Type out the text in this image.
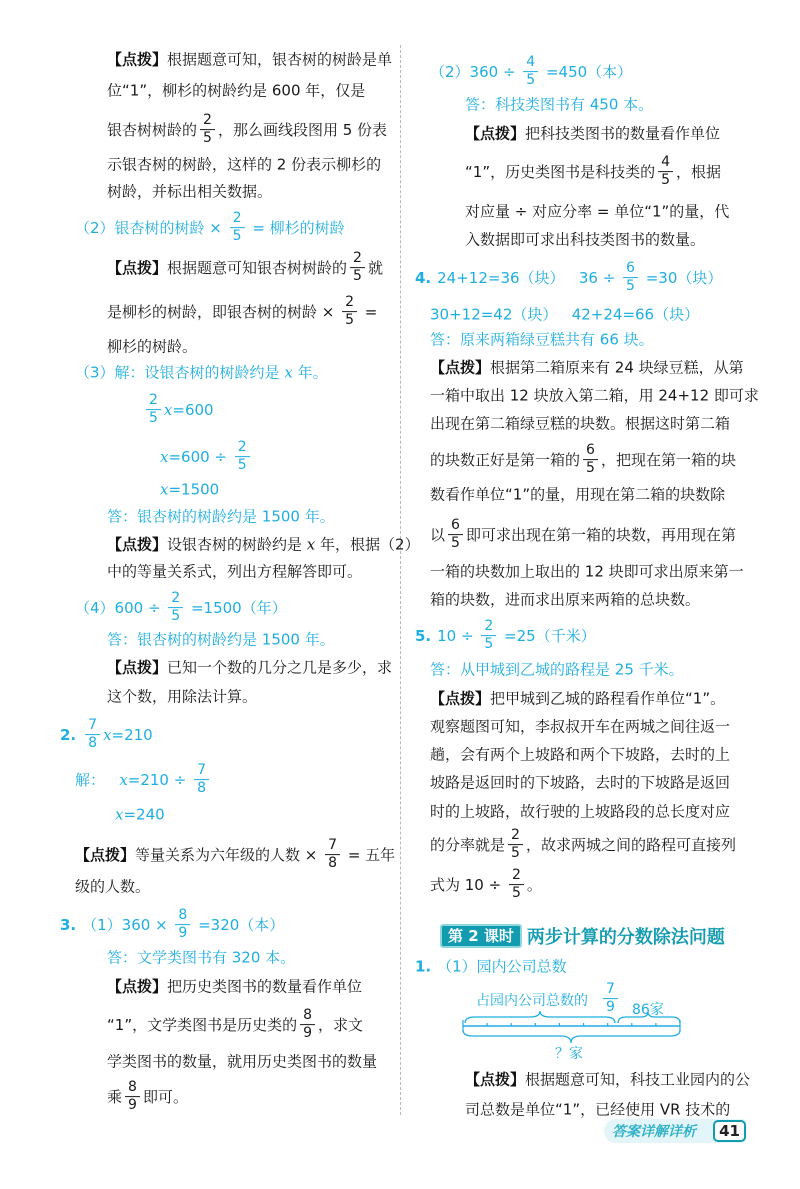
第 2 课时 两步计算的分数除法问题
占园内公司总数的 $\frac{7}{9} 86$家
？家
答案详解详析	41
【点拨】 根据题意可知，银杏树的树龄是单
位“1”，柳杉的树龄约是 600 年，仅是
银杏树树龄的 $\frac{2}{5}$ ，那么画线段图用 5 份表
示银杏树的树龄，这样的 2 份表示柳杉的
树龄，并标出相关数据。
（2）银杏树的树龄 × $\frac{2}{5}$ = 柳杉的树龄
【点拨】 根据题意可知银杏树树龄的 $\frac{2}{5}$ 就
是柳杉的树龄，即银杏树的树龄 × $\frac{2}{5}$ =
柳杉的树龄。
（3）解：设银杏树的树龄约是 x 年。
$\frac{2}{5}$ x =600
$x =600 \div \frac{2}{5}$
x =1500
答：银杏树的树龄约是 1500 年。
【点拨】 设银杏树的树龄约是 x 年，根据（2）
中的等量关系式，列出方程解答即可。
$(4)600 \div \frac{2}{5} =1500$（年）
答：银杏树的树龄约是 1500 年。
【点拨】 已知一个数的几分之几是多少，求
这个数，用除法计算。
2. $\frac{7}{8}$ x =210
解： $x =210 \div \frac{7}{8}$
x =240
【点拨】 等量关系为六年级的人数 × $\frac{7}{8}$ = 五年
级的人数。
3. $(1)360 \times \frac{8}{9} =320$（本）
答：文学类图书有 320 本。
【点拨】 把历史类图书的数量看作单位
“1”，文学类图书是历史类的 $\frac{8}{9}$ ，求文
学类图书的数量，就用历史类图书的数量
乘 $\frac{8}{9}$ 即可。
$(2)360 \div \frac{4}{5} =450$（本）
答：科技类图书有 450 本。
【点拨】 把科技类图书的数量看作单位
“1”，历史类图书是科技类的 $\frac{4}{5}$ ，根据
对应量 ÷ 对应分率 = 单位“1”的量，代
入数据即可求出科技类图书的数量。
4. 24+12=36（块）   $36 \div \frac{6}{5} =30$（块）
30+12=42（块）   42+24=66（块）
答：原来两箱绿豆糕共有 66 块。
【点拨】 根据第二箱原来有 24 块绿豆糕，从第
一箱中取出 12 块放入第二箱，用 24+12 即可求
出现在第二箱绿豆糕的块数。根据这时第二箱
的块数正好是第一箱的 $\frac{6}{5}$ ，把现在第一箱的块
数看作单位“1”的量，用现在第二箱的块数除
以 $\frac{6}{5}$ 即可求出现在第一箱的块数，再用现在第
一箱的块数加上取出的 12 块即可求出原来第一
箱的块数，进而求出原来两箱的总块数。
5. $10 \div \frac{2}{5} =25$（千米）
答：从甲城到乙城的路程是 25 千米。
【点拨】 把甲城到乙城的路程看作单位“1”。
观察题图可知，李叔叔开车在两城之间往返一
趟，会有两个上坡路和两个下坡路，去时的上
坡路是返回时的下坡路，去时的下坡路是返回
时的上坡路，故行驶的上坡路段的总长度对应
的分率就是 $\frac{2}{5}$ ，故求两城之间的路程可直接列
式为 $10 \div \frac{2}{5}$ 。
1. （1）园内公司总数
【点拨】 根据题意可知，科技工业园内的公
司总数是单位“1”，已经使用 VR 技术的
